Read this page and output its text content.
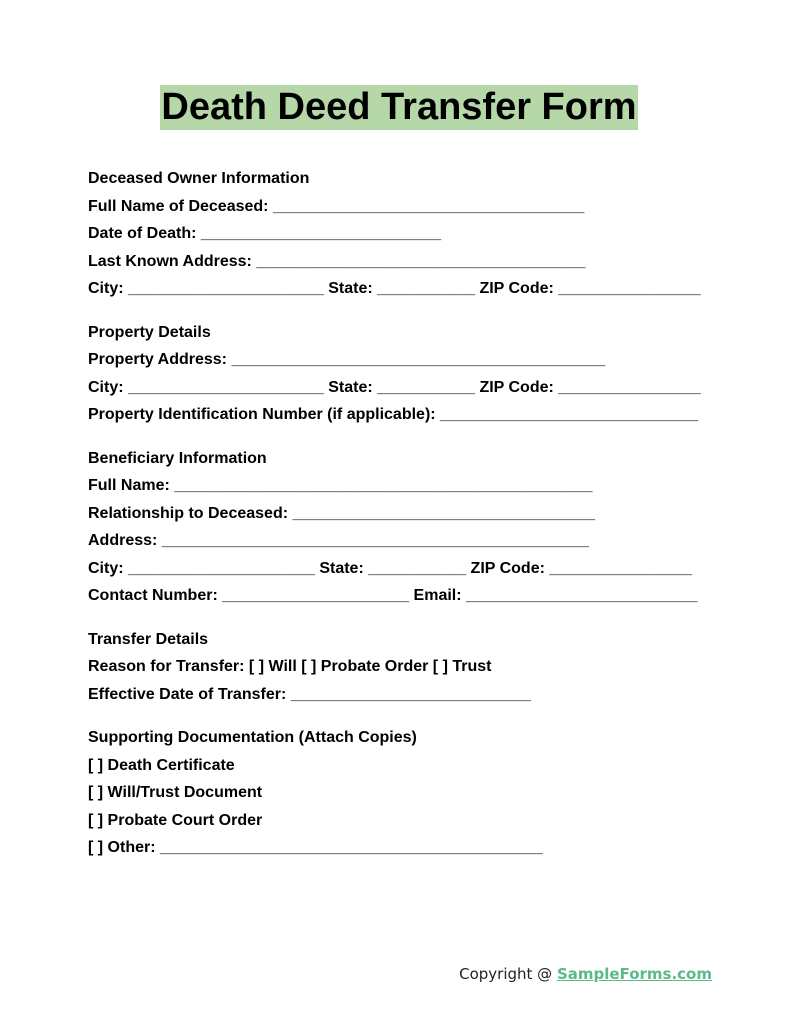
Death Deed Transfer Form
Deceased Owner Information
Full Name of Deceased: ___________________________________
Date of Death: ___________________________
Last Known Address: _____________________________________
City: ______________________ State: ___________ ZIP Code: ________________
Property Details
Property Address: __________________________________________
City: ______________________ State: ___________ ZIP Code: ________________
Property Identification Number (if applicable): _____________________________
Beneficiary Information
Full Name: _______________________________________________
Relationship to Deceased: __________________________________
Address: ________________________________________________
City: _____________________ State: ___________ ZIP Code: ________________
Contact Number: _____________________ Email: __________________________
Transfer Details
Reason for Transfer: [ ] Will [ ] Probate Order [ ] Trust
Effective Date of Transfer: ___________________________
Supporting Documentation (Attach Copies)
[ ] Death Certificate
[ ] Will/Trust Document
[ ] Probate Court Order
[ ] Other: ___________________________________________
Copyright @ SampleForms.com
